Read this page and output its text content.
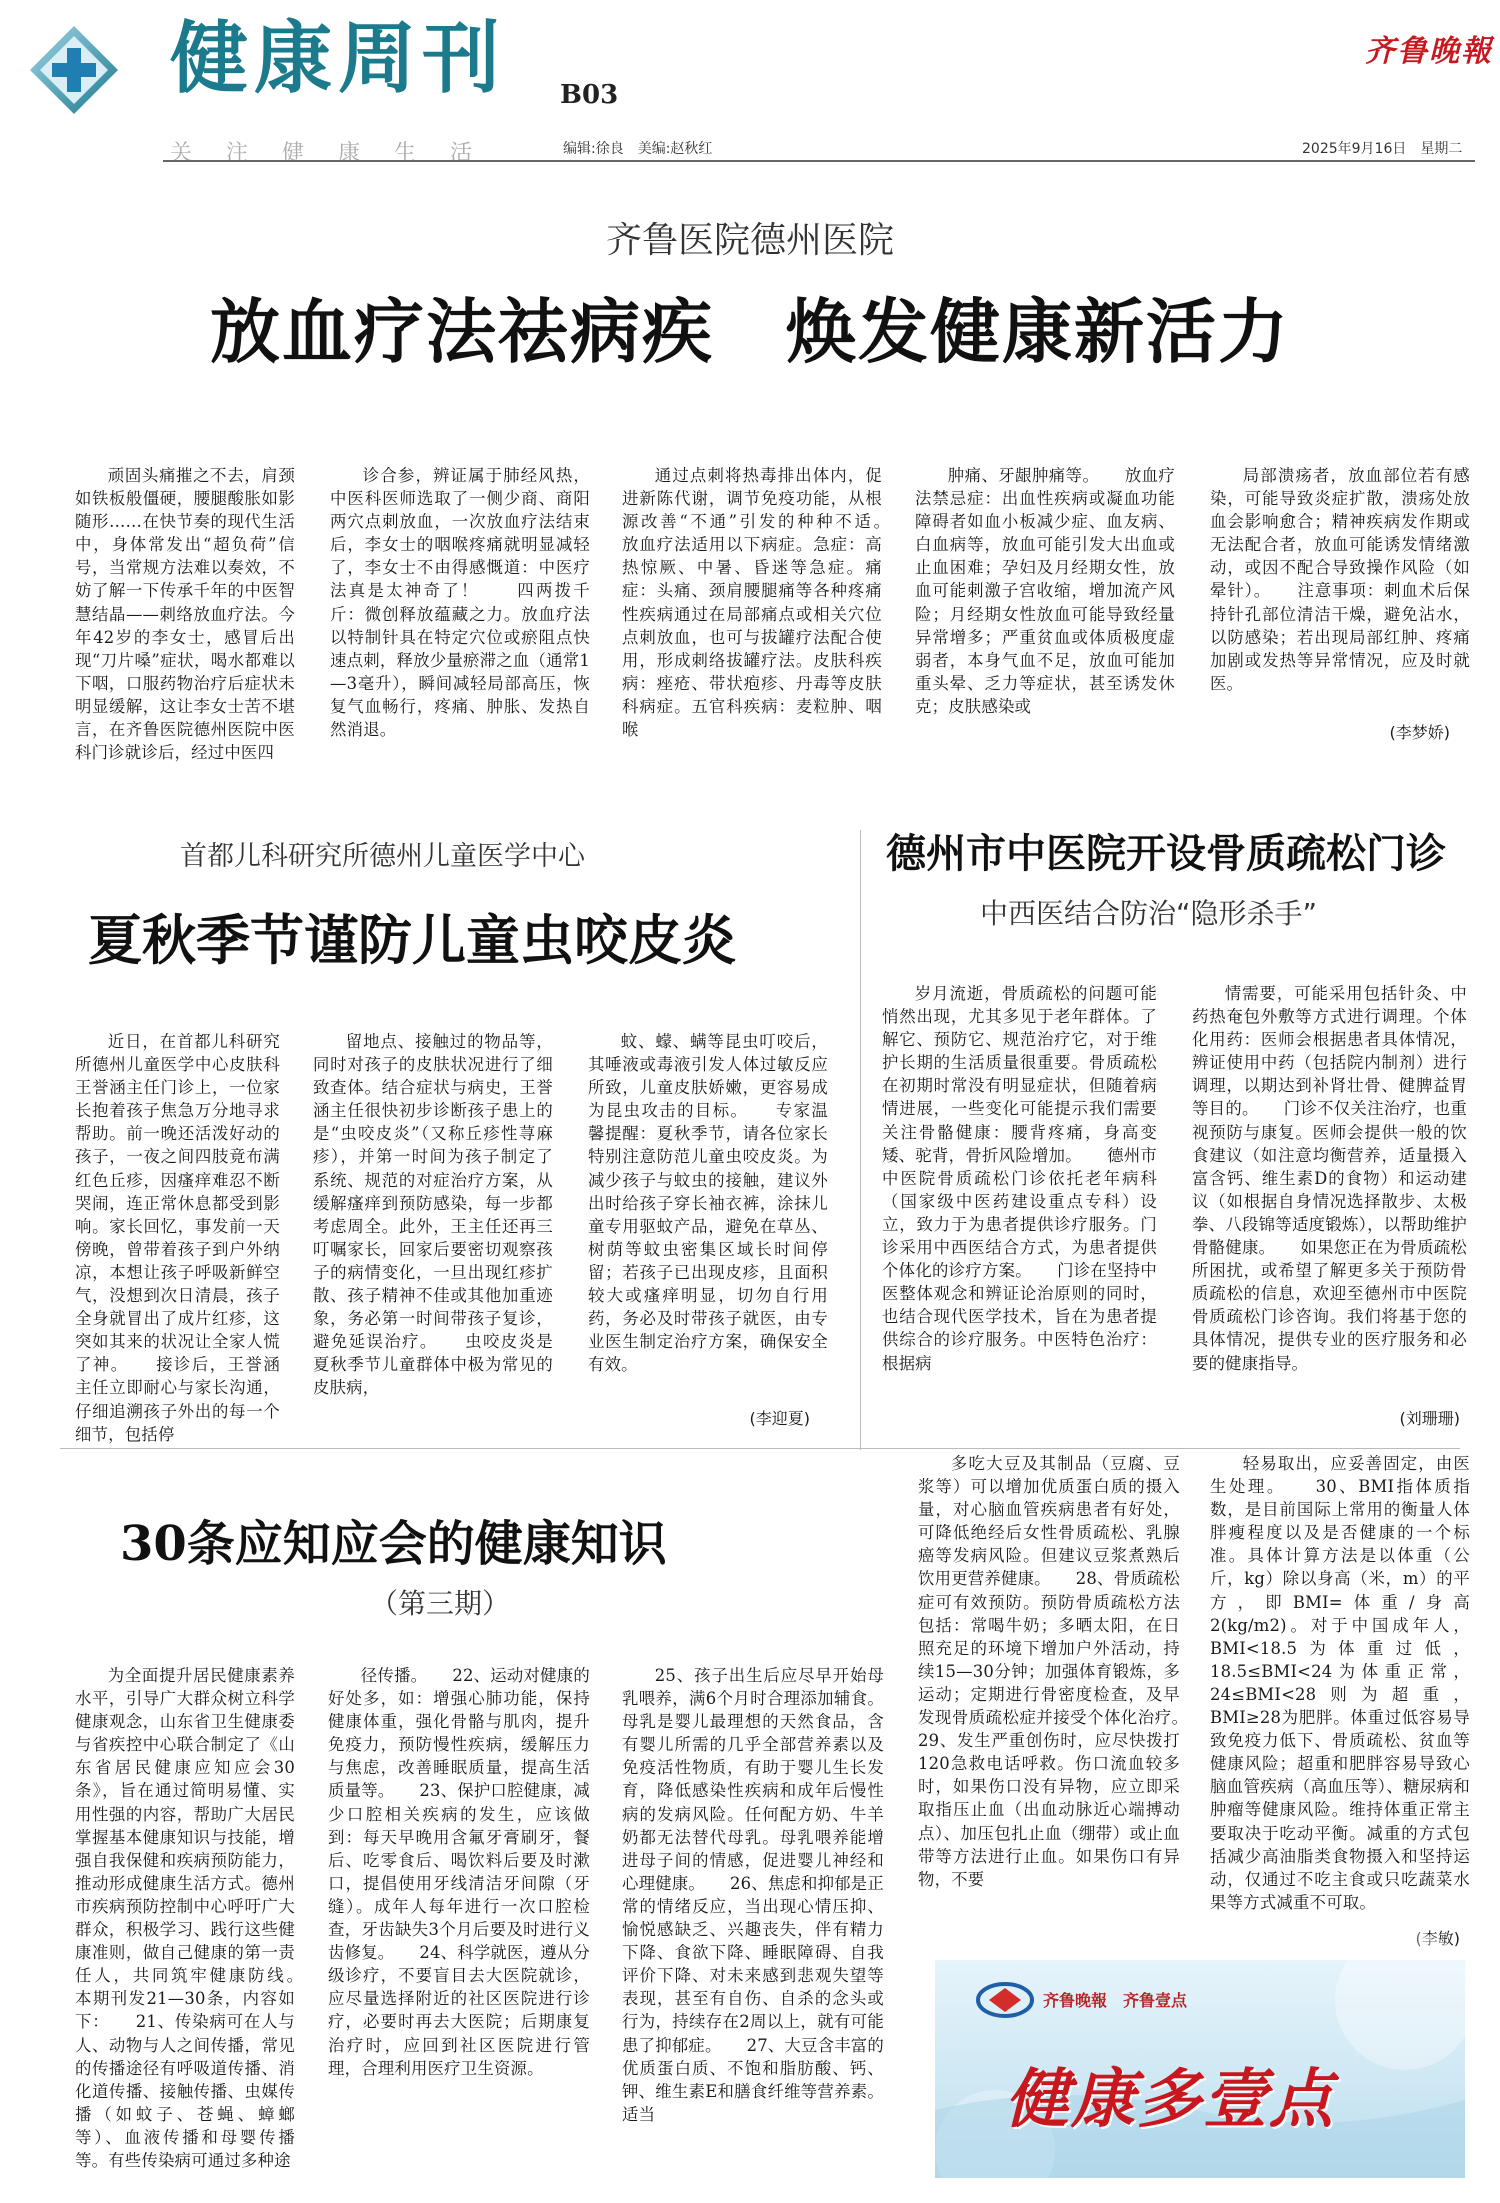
健康周刊 B03
关注健康生活	编辑:徐良　美编:赵秋红	2025年9月16日　星期二
齐鲁晚報
齐鲁医院德州医院
放血疗法祛病疾　焕发健康新活力
顽固头痛摧之不去，肩颈如铁板般僵硬，腰腿酸胀如影随形……在快节奏的现代生活中，身体常发出“超负荷”信号，当常规方法难以奏效，不妨了解一下传承千年的中医智慧结晶——刺络放血疗法。今年42岁的李女士，感冒后出现“刀片嗓”症状，喝水都难以下咽，口服药物治疗后症状未明显缓解，这让李女士苦不堪言，在齐鲁医院德州医院中医科门诊就诊后，经过中医四
诊合参，辨证属于肺经风热，中医科医师选取了一侧少商、商阳两穴点刺放血，一次放血疗法结束后，李女士的咽喉疼痛就明显减轻了，李女士不由得感慨道：中医疗法真是太神奇了！　　四两拨千斤：微创释放蕴藏之力。放血疗法以特制针具在特定穴位或瘀阻点快速点刺，释放少量瘀滞之血（通常1—3毫升），瞬间减轻局部高压，恢复气血畅行，疼痛、肿胀、发热自然消退。
通过点刺将热毒排出体内，促进新陈代谢，调节免疫功能，从根源改善“不通”引发的种种不适。　　放血疗法适用以下病症。急症：高热惊厥、中暑、昏迷等急症。痛症：头痛、颈肩腰腿痛等各种疼痛性疾病通过在局部痛点或相关穴位点刺放血，也可与拔罐疗法配合使用，形成刺络拔罐疗法。皮肤科疾病：痤疮、带状疱疹、丹毒等皮肤科病症。五官科疾病：麦粒肿、咽喉
肿痛、牙龈肿痛等。　　放血疗法禁忌症：出血性疾病或凝血功能障碍者如血小板减少症、血友病、白血病等，放血可能引发大出血或止血困难；孕妇及月经期女性，放血可能刺激子宫收缩，增加流产风险；月经期女性放血可能导致经量异常增多；严重贫血或体质极度虚弱者，本身气血不足，放血可能加重头晕、乏力等症状，甚至诱发休克；皮肤感染或
局部溃疡者，放血部位若有感染，可能导致炎症扩散，溃疡处放血会影响愈合；精神疾病发作期或无法配合者，放血可能诱发情绪激动，或因不配合导致操作风险（如晕针）。　　注意事项：刺血术后保持针孔部位清洁干燥，避免沾水，以防感染；若出现局部红肿、疼痛加剧或发热等异常情况，应及时就医。
(李梦娇)
首都儿科研究所德州儿童医学中心
夏秋季节谨防儿童虫咬皮炎
近日，在首都儿科研究所德州儿童医学中心皮肤科王誉涵主任门诊上，一位家长抱着孩子焦急万分地寻求帮助。前一晚还活泼好动的孩子，一夜之间四肢竟布满红色丘疹，因瘙痒难忍不断哭闹，连正常休息都受到影响。家长回忆，事发前一天傍晚，曾带着孩子到户外纳凉，本想让孩子呼吸新鲜空气，没想到次日清晨，孩子全身就冒出了成片红疹，这突如其来的状况让全家人慌了神。　　接诊后，王誉涵主任立即耐心与家长沟通，仔细追溯孩子外出的每一个细节，包括停
留地点、接触过的物品等，同时对孩子的皮肤状况进行了细致查体。结合症状与病史，王誉涵主任很快初步诊断孩子患上的是“虫咬皮炎”（又称丘疹性荨麻疹），并第一时间为孩子制定了系统、规范的对症治疗方案，从缓解瘙痒到预防感染，每一步都考虑周全。此外，王主任还再三叮嘱家长，回家后要密切观察孩子的病情变化，一旦出现红疹扩散、孩子精神不佳或其他加重迹象，务必第一时间带孩子复诊，避免延误治疗。　　虫咬皮炎是夏秋季节儿童群体中极为常见的皮肤病，
蚊、蠓、螨等昆虫叮咬后，其唾液或毒液引发人体过敏反应所致，儿童皮肤娇嫩，更容易成为昆虫攻击的目标。　　专家温馨提醒：夏秋季节，请各位家长特别注意防范儿童虫咬皮炎。为减少孩子与蚊虫的接触，建议外出时给孩子穿长袖衣裤，涂抹儿童专用驱蚊产品，避免在草丛、树荫等蚊虫密集区域长时间停留；若孩子已出现皮疹，且面积较大或瘙痒明显，切勿自行用药，务必及时带孩子就医，由专业医生制定治疗方案，确保安全有效。
(李迎夏)
德州市中医院开设骨质疏松门诊
中西医结合防治“隐形杀手”
岁月流逝，骨质疏松的问题可能悄然出现，尤其多见于老年群体。了解它、预防它、规范治疗它，对于维护长期的生活质量很重要。骨质疏松在初期时常没有明显症状，但随着病情进展，一些变化可能提示我们需要关注骨骼健康：腰背疼痛，身高变矮、驼背，骨折风险增加。　　德州市中医院骨质疏松门诊依托老年病科（国家级中医药建设重点专科）设立，致力于为患者提供诊疗服务。门诊采用中西医结合方式，为患者提供个体化的诊疗方案。　　门诊在坚持中医整体观念和辨证论治原则的同时，也结合现代医学技术，旨在为患者提供综合的诊疗服务。中医特色治疗：根据病
情需要，可能采用包括针灸、中药热奄包外敷等方式进行调理。个体化用药：医师会根据患者具体情况，辨证使用中药（包括院内制剂）进行调理，以期达到补肾壮骨、健脾益胃等目的。　　门诊不仅关注治疗，也重视预防与康复。医师会提供一般的饮食建议（如注意均衡营养，适量摄入富含钙、维生素D的食物）和运动建议（如根据自身情况选择散步、太极拳、八段锦等适度锻炼），以帮助维护骨骼健康。　　如果您正在为骨质疏松所困扰，或希望了解更多关于预防骨质疏松的信息，欢迎至德州市中医院骨质疏松门诊咨询。我们将基于您的具体情况，提供专业的医疗服务和必要的健康指导。
(刘珊珊)
30条应知应会的健康知识
（第三期）
为全面提升居民健康素养水平，引导广大群众树立科学健康观念，山东省卫生健康委与省疾控中心联合制定了《山东省居民健康应知应会30条》，旨在通过简明易懂、实用性强的内容，帮助广大居民掌握基本健康知识与技能，增强自我保健和疾病预防能力，推动形成健康生活方式。德州市疾病预防控制中心呼吁广大群众，积极学习、践行这些健康准则，做自己健康的第一责任人，共同筑牢健康防线。　　本期刊发21—30条，内容如下：　　21、传染病可在人与人、动物与人之间传播，常见的传播途径有呼吸道传播、消化道传播、接触传播、虫媒传播（如蚊子、苍蝇、蟑螂等）、血液传播和母婴传播等。有些传染病可通过多种途
径传播。　　22、运动对健康的好处多，如：增强心肺功能，保持健康体重，强化骨骼与肌肉，提升免疫力，预防慢性疾病，缓解压力与焦虑，改善睡眠质量，提高生活质量等。　　23、保护口腔健康，减少口腔相关疾病的发生，应该做到：每天早晚用含氟牙膏刷牙，餐后、吃零食后、喝饮料后要及时漱口，提倡使用牙线清洁牙间隙（牙缝）。成年人每年进行一次口腔检查，牙齿缺失3个月后要及时进行义齿修复。　　24、科学就医，遵从分级诊疗，不要盲目去大医院就诊，应尽量选择附近的社区医院进行诊疗，必要时再去大医院；后期康复治疗时，应回到社区医院进行管理，合理利用医疗卫生资源。
25、孩子出生后应尽早开始母乳喂养，满6个月时合理添加辅食。母乳是婴儿最理想的天然食品，含有婴儿所需的几乎全部营养素以及免疫活性物质，有助于婴儿生长发育，降低感染性疾病和成年后慢性病的发病风险。任何配方奶、牛羊奶都无法替代母乳。母乳喂养能增进母子间的情感，促进婴儿神经和心理健康。　　26、焦虑和抑郁是正常的情绪反应，当出现心情压抑、愉悦感缺乏、兴趣丧失，伴有精力下降、食欲下降、睡眠障碍、自我评价下降、对未来感到悲观失望等表现，甚至有自伤、自杀的念头或行为，持续存在2周以上，就有可能患了抑郁症。　　27、大豆含丰富的优质蛋白质、不饱和脂肪酸、钙、钾、维生素E和膳食纤维等营养素。适当
多吃大豆及其制品（豆腐、豆浆等）可以增加优质蛋白质的摄入量，对心脑血管疾病患者有好处，可降低绝经后女性骨质疏松、乳腺癌等发病风险。但建议豆浆煮熟后饮用更营养健康。　　28、骨质疏松症可有效预防。预防骨质疏松方法包括：常喝牛奶；多晒太阳，在日照充足的环境下增加户外活动，持续15—30分钟；加强体育锻炼，多运动；定期进行骨密度检查，及早发现骨质疏松症并接受个体化治疗。　　29、发生严重创伤时，应尽快拨打120急救电话呼救。伤口流血较多时，如果伤口没有异物，应立即采取指压止血（出血动脉近心端搏动点）、加压包扎止血（绷带）或止血带等方法进行止血。如果伤口有异物，不要
轻易取出，应妥善固定，由医生处理。　　30、BMI指体质指数，是目前国际上常用的衡量人体胖瘦程度以及是否健康的一个标准。具体计算方法是以体重（公斤，kg）除以身高（米，m）的平方，即BMI=体重/身高2(kg/m2)。对于中国成年人，BMI<18.5为体重过低，18.5≤BMI<24为体重正常，24≤BMI<28则为超重，BMI≥28为肥胖。体重过低容易导致免疫力低下、骨质疏松、贫血等健康风险；超重和肥胖容易导致心脑血管疾病（高血压等）、糖尿病和肿瘤等健康风险。维持体重正常主要取决于吃动平衡。减重的方式包括减少高油脂类食物摄入和坚持运动，仅通过不吃主食或只吃蔬菜水果等方式减重不可取。
(李敏)
齐鲁晚報　齐鲁壹点
健康多壹点
